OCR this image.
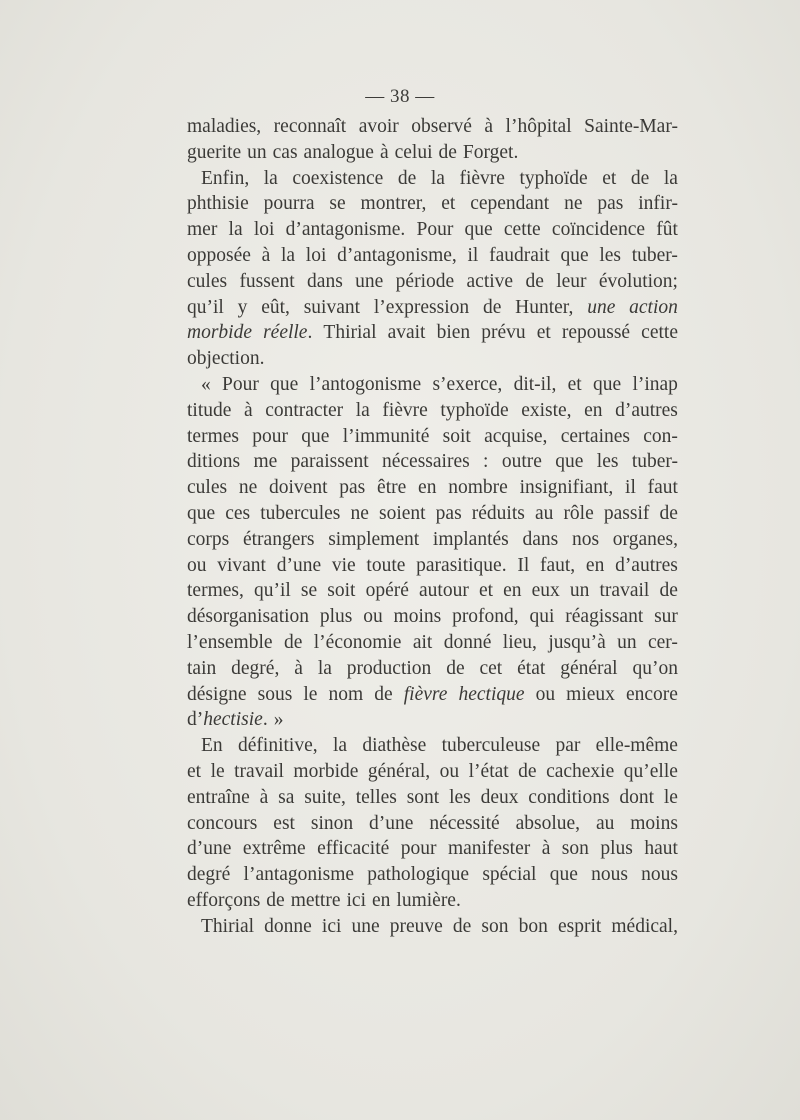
— 38 —
maladies, reconnaît avoir observé à l’hôpital Sainte-Mar-
guerite un cas analogue à celui de Forget.
Enfin, la coexistence de la fièvre typhoïde et de la
phthisie pourra se montrer, et cependant ne pas infir-
mer la loi d’antagonisme. Pour que cette coïncidence fût
opposée à la loi d’antagonisme, il faudrait que les tuber-
cules fussent dans une période active de leur évolution;
qu’il y eût, suivant l’expression de Hunter, une action
morbide réelle. Thirial avait bien prévu et repoussé cette
objection.
« Pour que l’antogonisme s’exerce, dit-il, et que l’inap
titude à contracter la fièvre typhoïde existe, en d’autres
termes pour que l’immunité soit acquise, certaines con-
ditions me paraissent nécessaires : outre que les tuber-
cules ne doivent pas être en nombre insignifiant, il faut
que ces tubercules ne soient pas réduits au rôle passif de
corps étrangers simplement implantés dans nos organes,
ou vivant d’une vie toute parasitique. Il faut, en d’autres
termes, qu’il se soit opéré autour et en eux un travail de
désorganisation plus ou moins profond, qui réagissant sur
l’ensemble de l’économie ait donné lieu, jusqu’à un cer-
tain degré, à la production de cet état général qu’on
désigne sous le nom de fièvre hectique ou mieux encore
d’hectisie. »
En définitive, la diathèse tuberculeuse par elle-même
et le travail morbide général, ou l’état de cachexie qu’elle
entraîne à sa suite, telles sont les deux conditions dont le
concours est sinon d’une nécessité absolue, au moins
d’une extrême efficacité pour manifester à son plus haut
degré l’antagonisme pathologique spécial que nous nous
efforçons de mettre ici en lumière.
Thirial donne ici une preuve de son bon esprit médical,
